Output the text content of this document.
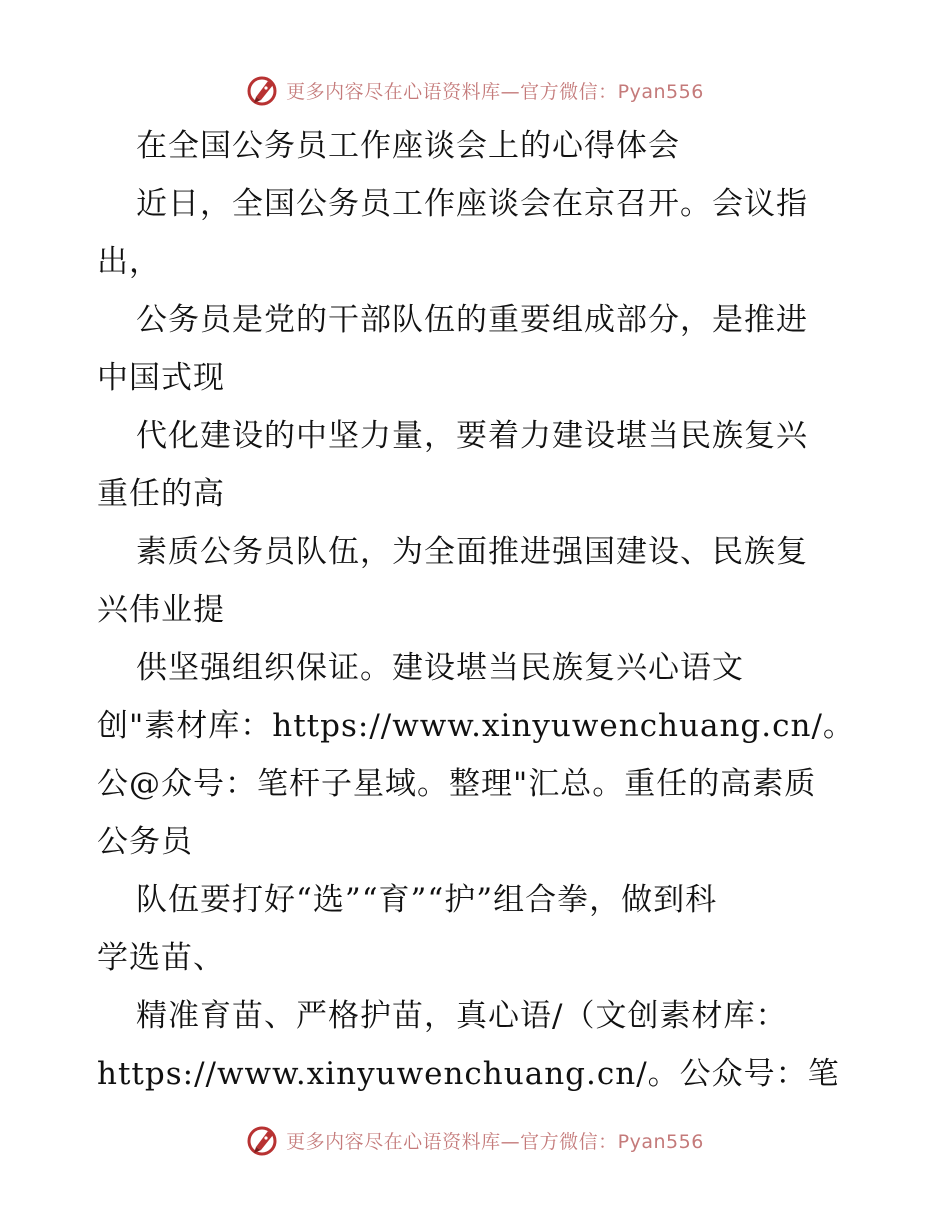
更多内容尽在心语资料库—官方微信：Pyan556
在全国公务员工作座谈会上的心得体会
近日，全国公务员工作座谈会在京召开。会议指
出，
公务员是党的干部队伍的重要组成部分，是推进
中国式现
代化建设的中坚力量，要着力建设堪当民族复兴
重任的高
素质公务员队伍，为全面推进强国建设、民族复
兴伟业提
供坚强组织保证。建设堪当民族复兴心语文
创"素材库：https://www.xinyuwenchuang.cn/。
公@众号：笔杆子星域。整理"汇总。重任的高素质
公务员
队伍要打好“选”“育”“护”组合拳，做到科
学选苗、
精准育苗、严格护苗，真心语/（文创素材库：
https://www.xinyuwenchuang.cn/。公众号：笔
更多内容尽在心语资料库—官方微信：Pyan556
